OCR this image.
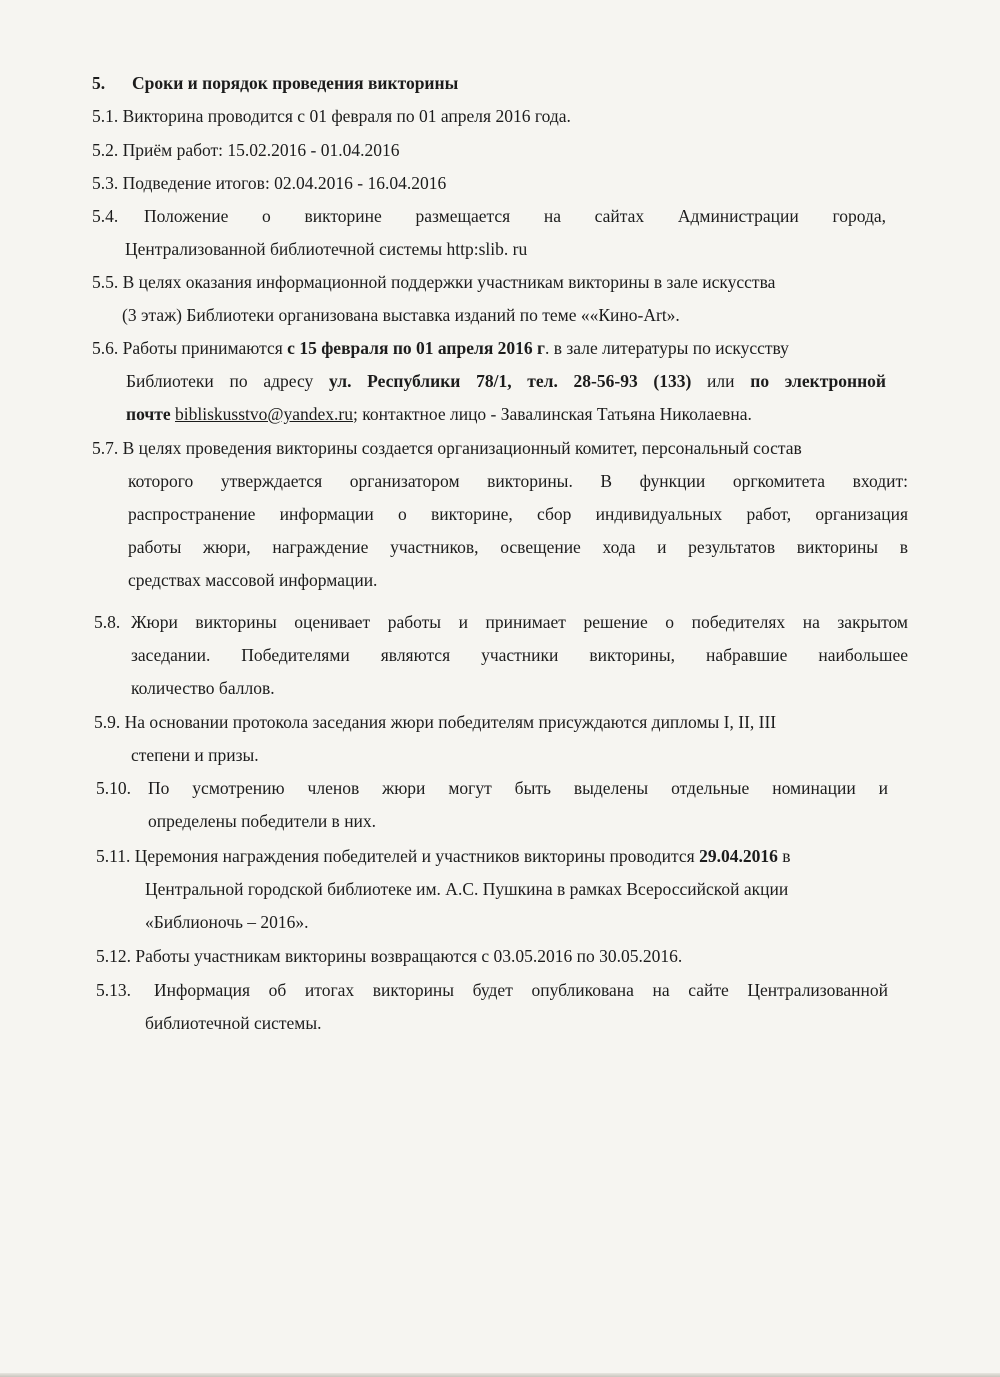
5. Сроки и порядок проведения викторины
5.1. Викторина проводится с 01 февраля по 01 апреля 2016 года.
5.2. Приём работ: 15.02.2016 - 01.04.2016
5.3. Подведение итогов: 02.04.2016 - 16.04.2016
5.4.	Положение о викторине размещается на сайтах Администрации города,
Централизованной библиотечной системы http:slib. ru
5.5. В целях оказания информационной поддержки участникам викторины в зале искусства
(3 этаж) Библиотеки организована выставка изданий по теме ««Кино-Art».
5.6. Работы принимаются с 15 февраля по 01 апреля 2016 г. в зале литературы по искусству
Библиотеки по адресу ул. Республики 78/1, тел. 28-56-93 (133) или по электронной
почте bibliskusstvo@yandex.ru; контактное лицо - Завалинская Татьяна Николаевна.
5.7. В целях проведения викторины создается организационный комитет, персональный состав
которого утверждается организатором викторины. В функции оргкомитета входит:
распространение информации о викторине, сбор индивидуальных работ, организация
работы жюри, награждение участников, освещение хода и результатов викторины в
средствах массовой информации.
5.8. Жюри викторины оценивает работы и принимает решение о победителях на закрытом
заседании. Победителями являются участники викторины, набравшие наибольшее
количество баллов.
5.9. На основании протокола заседания жюри победителям присуждаются дипломы I, II, III
степени и призы.
5.10. По усмотрению членов жюри могут быть выделены отдельные номинации и
определены победители в них.
5.11. Церемония награждения победителей и участников викторины проводится 29.04.2016 в
Центральной городской библиотеке им. А.С. Пушкина в рамках Всероссийской акции
«Библионочь – 2016».
5.12. Работы участникам викторины возвращаются с 03.05.2016 по 30.05.2016.
5.13.	Информация об итогах викторины будет опубликована на сайте Централизованной
библиотечной системы.
